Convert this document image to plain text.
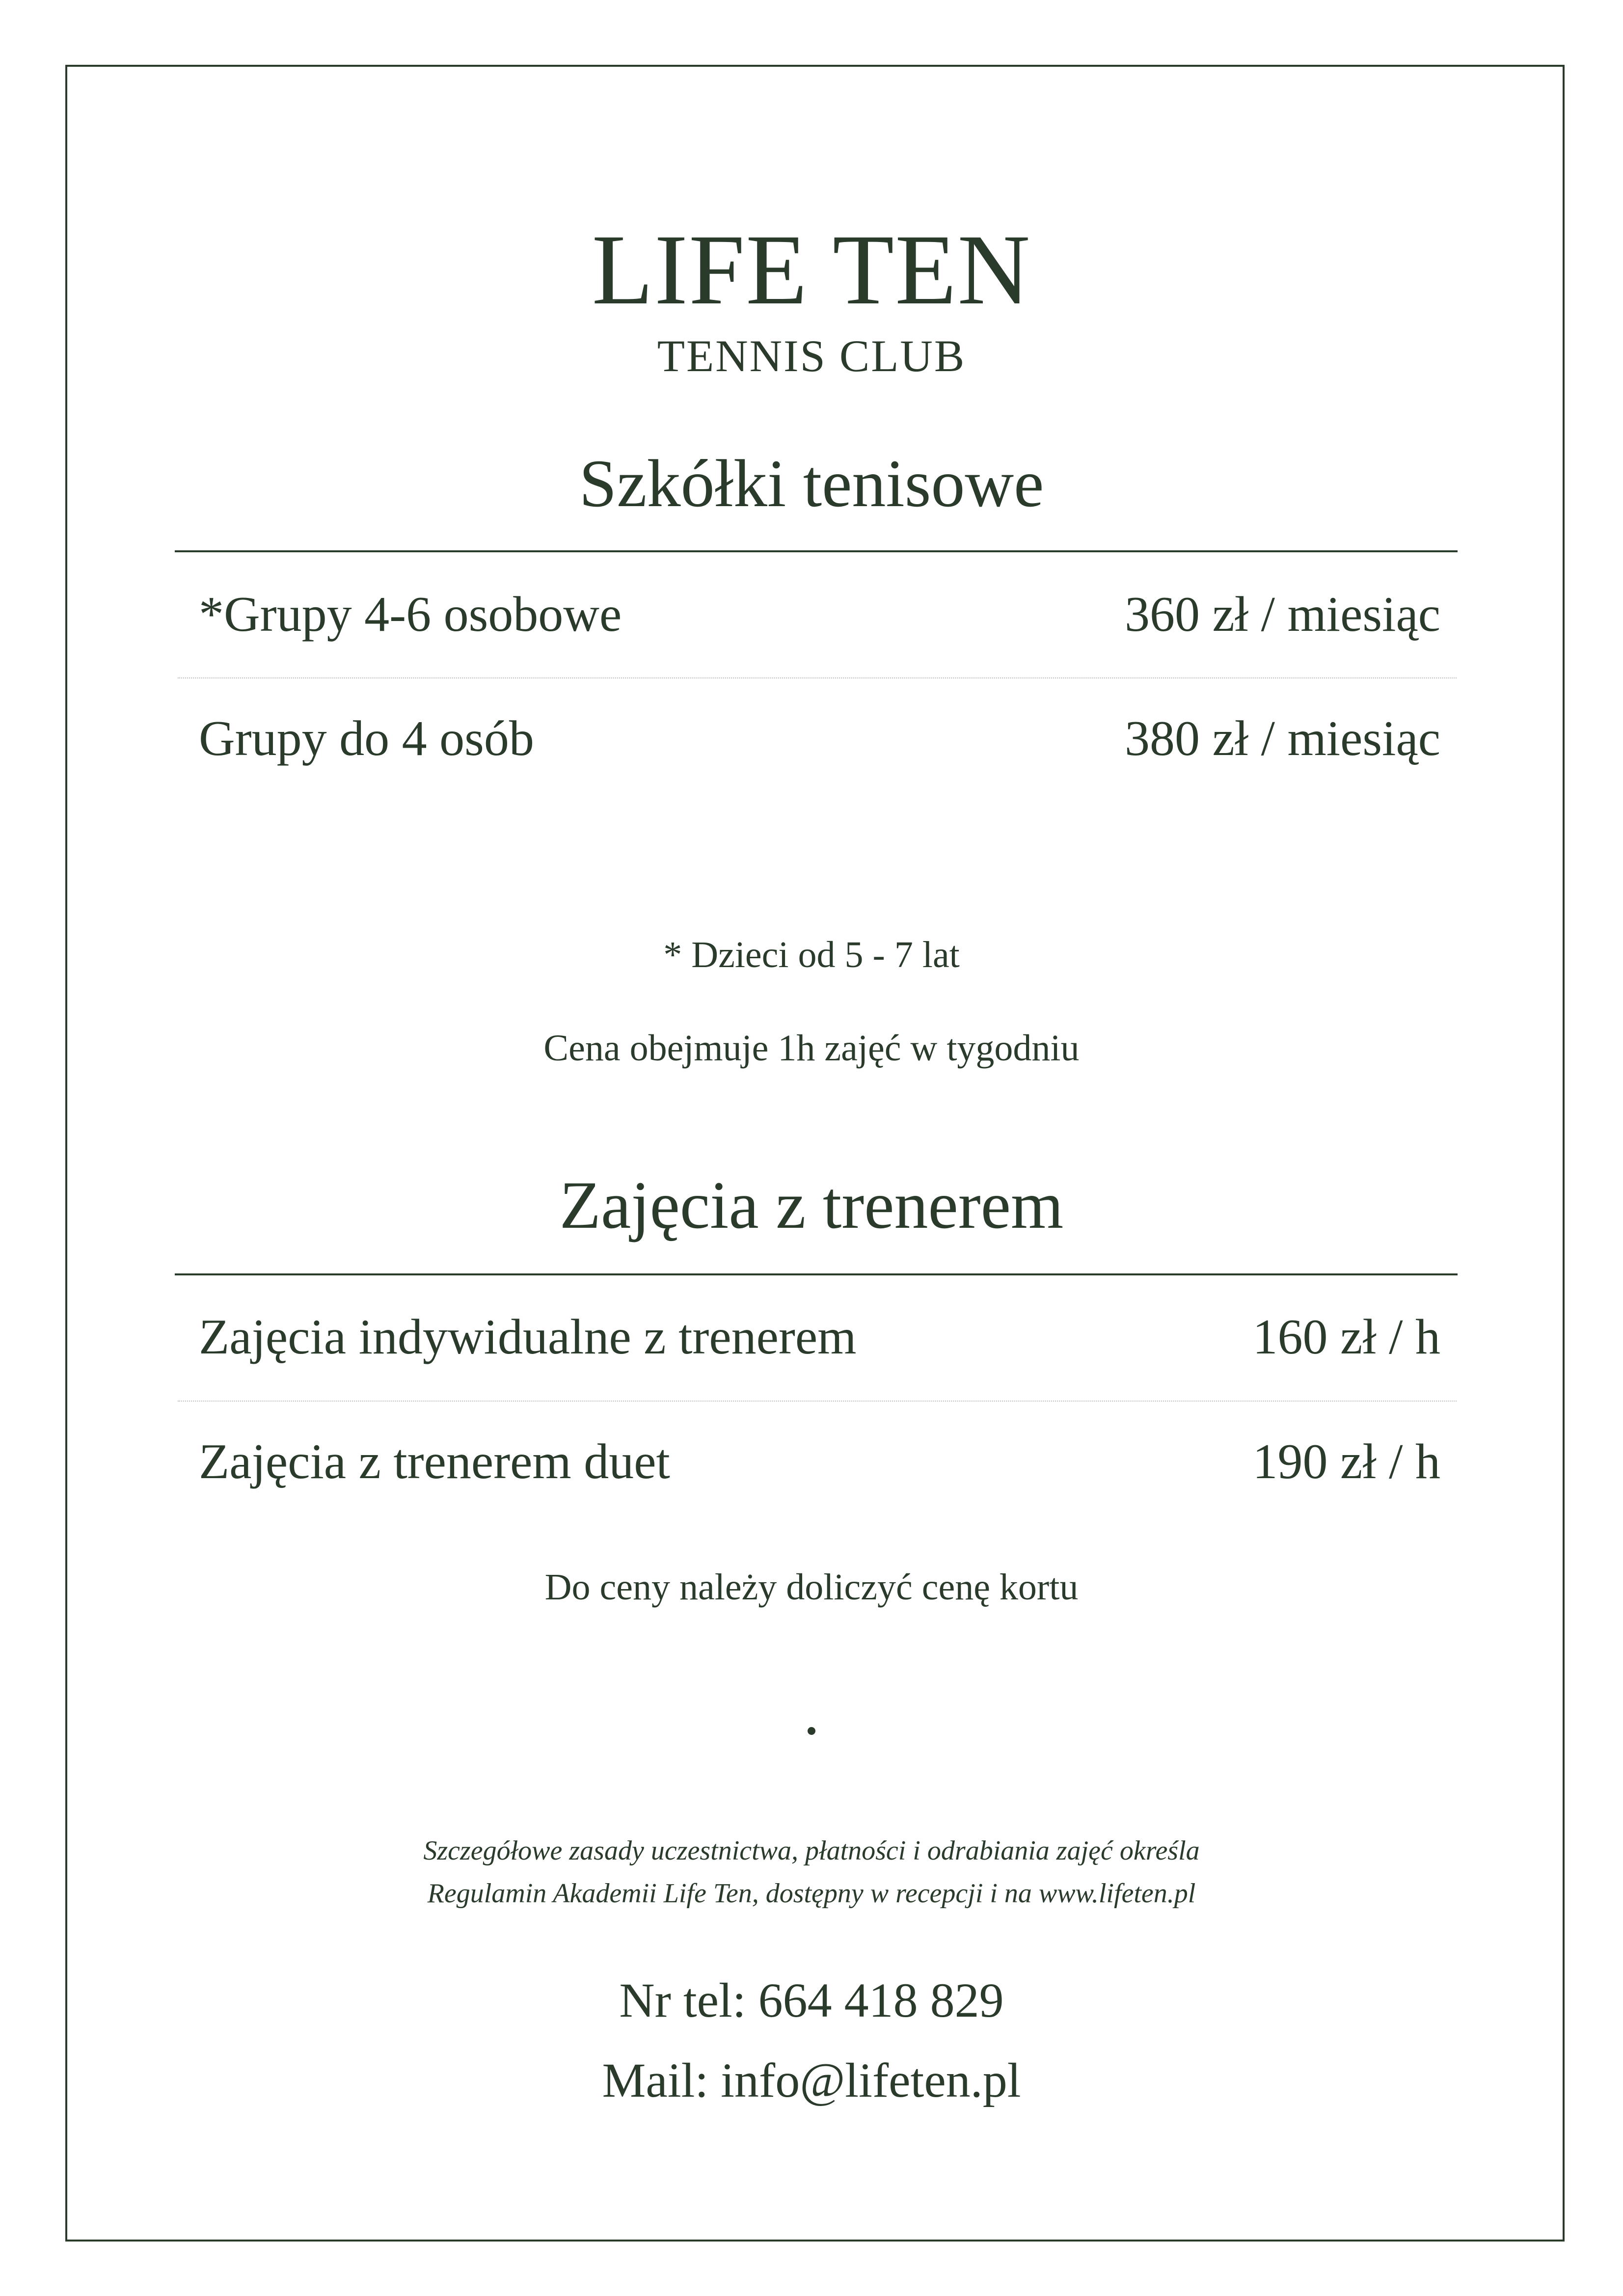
LIFE TEN
TENNIS CLUB
Szkółki tenisowe
*Grupy 4-6 osobowe	360 zł / miesiąc
Grupy do 4 osób	380 zł / miesiąc
* Dzieci od 5 - 7 lat
Cena obejmuje 1h zajęć w tygodniu
Zajęcia z trenerem
Zajęcia indywidualne z trenerem	160 zł / h
Zajęcia z trenerem duet	190 zł / h
Do ceny należy doliczyć cenę kortu
Szczegółowe zasady uczestnictwa, płatności i odrabiania zajęć określa
Regulamin Akademii Life Ten, dostępny w recepcji i na www.lifeten.pl
Nr tel: 664 418 829
Mail: info@lifeten.pl
